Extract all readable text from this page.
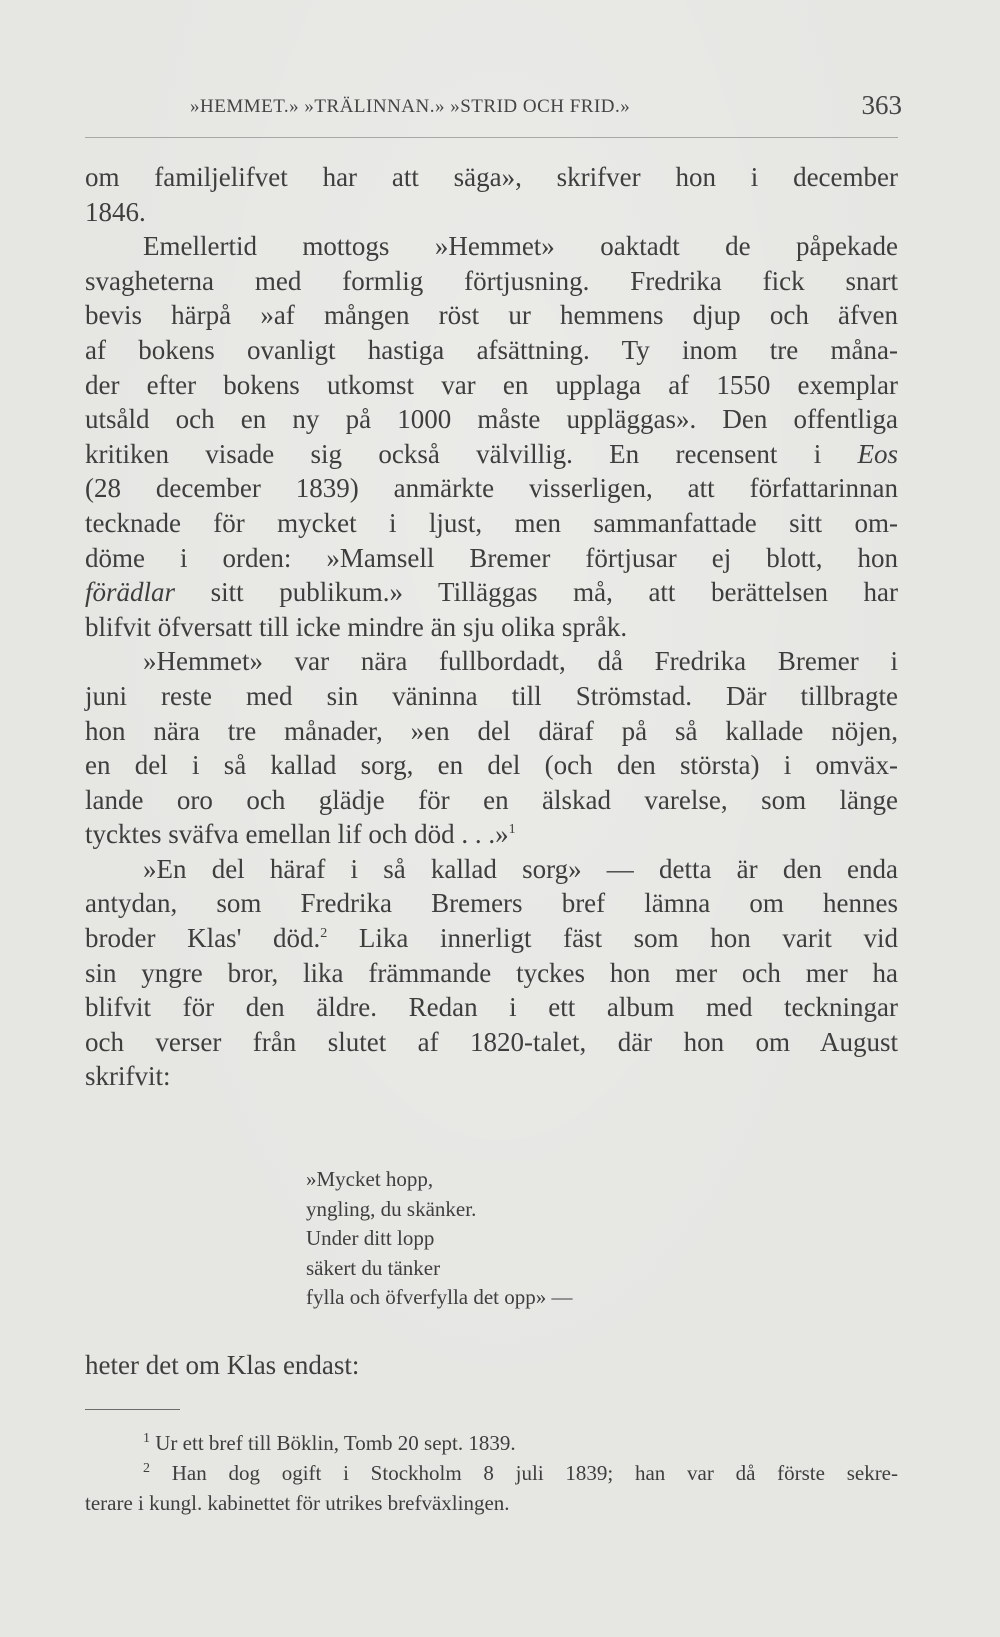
»HEMMET.» »TRÄLINNAN.» »STRID OCH FRID.»	363
om familjelifvet har att säga», skrifver hon i december
1846.
Emellertid mottogs »Hemmet» oaktadt de påpekade
svagheterna med formlig förtjusning. Fredrika fick snart
bevis härpå »af mången röst ur hemmens djup och äfven
af bokens ovanligt hastiga afsättning. Ty inom tre måna-
der efter bokens utkomst var en upplaga af 1550 exemplar
utsåld och en ny på 1000 måste uppläggas». Den offentliga
kritiken visade sig också välvillig. En recensent i Eos
(28 december 1839) anmärkte visserligen, att författarinnan
tecknade för mycket i ljust, men sammanfattade sitt om-
döme i orden: »Mamsell Bremer förtjusar ej blott, hon
förädlar sitt publikum.» Tilläggas må, att berättelsen har
blifvit öfversatt till icke mindre än sju olika språk.
»Hemmet» var nära fullbordadt, då Fredrika Bremer i
juni reste med sin väninna till Strömstad. Där tillbragte
hon nära tre månader, »en del däraf på så kallade nöjen,
en del i så kallad sorg, en del (och den största) i omväx-
lande oro och glädje för en älskad varelse, som länge
tycktes sväfva emellan lif och död . . .»$^1$
»En del häraf i så kallad sorg» — detta är den enda
antydan, som Fredrika Bremers bref lämna om hennes
broder Klas' död.$^2$ Lika innerligt fäst som hon varit vid
sin yngre bror, lika främmande tyckes hon mer och mer ha
blifvit för den äldre. Redan i ett album med teckningar
och verser från slutet af 1820-talet, där hon om August
skrifvit:
»Mycket hopp,
yngling, du skänker.
Under ditt lopp
säkert du tänker
fylla och öfverfylla det opp» —
heter det om Klas endast:
$^1$ Ur ett bref till Böklin, Tomb 20 sept. 1839.
$^2$ Han dog ogift i Stockholm 8 juli 1839; han var då förste sekre-
terare i kungl. kabinettet för utrikes brefväxlingen.
